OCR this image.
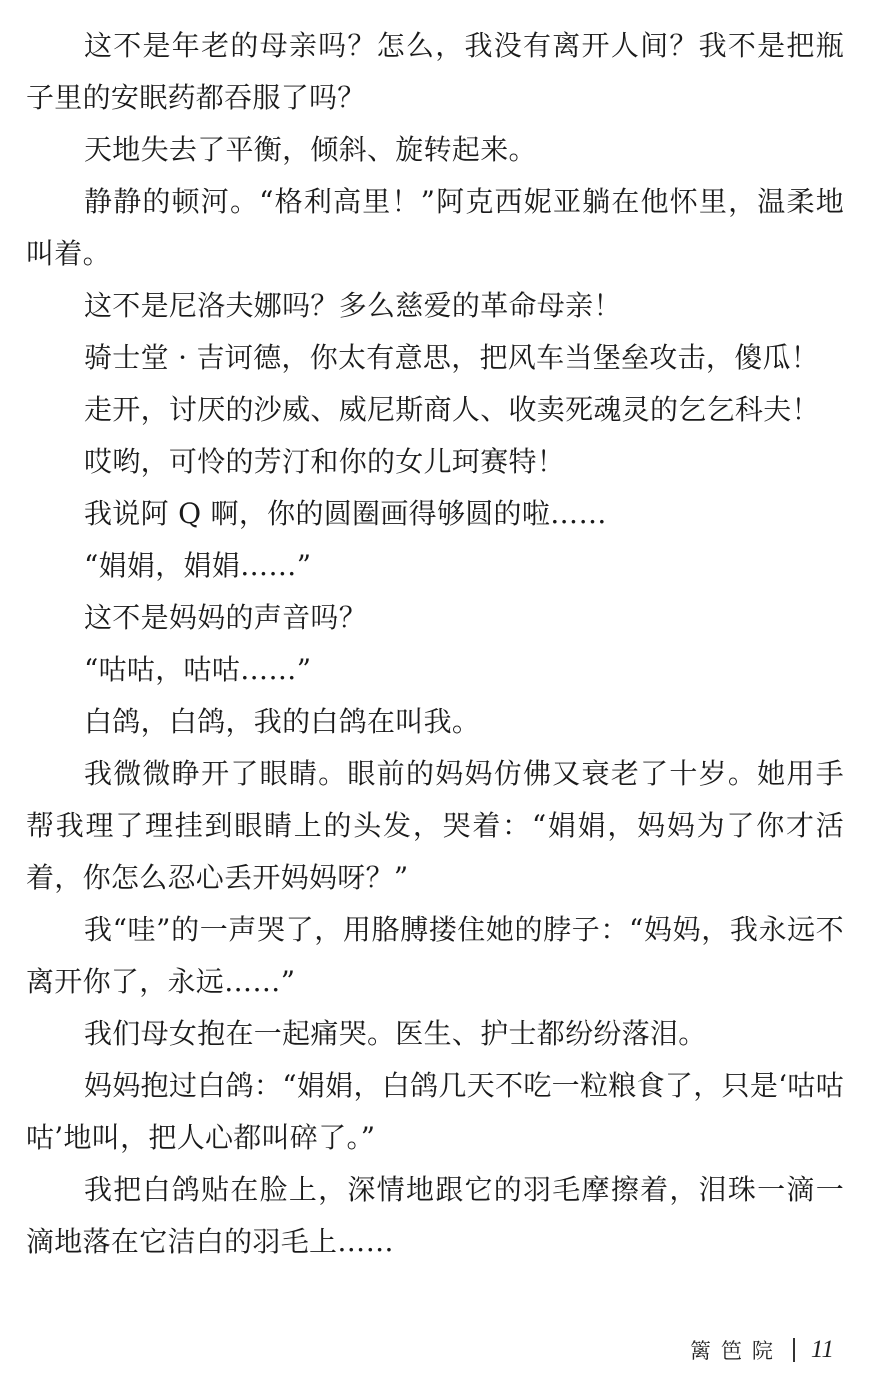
这不是年老的母亲吗？怎么，我没有离开人间？我不是把瓶子里的安眠药都吞服了吗？

天地失去了平衡，倾斜、旋转起来。

静静的顿河。“格利高里！”阿克西妮亚躺在他怀里，温柔地叫着。

这不是尼洛夫娜吗？多么慈爱的革命母亲！

骑士堂 · 吉诃德，你太有意思，把风车当堡垒攻击，傻瓜！

走开，讨厌的沙威、威尼斯商人、收卖死魂灵的乞乞科夫！

哎哟，可怜的芳汀和你的女儿珂赛特！

我说阿 Q 啊，你的圆圈画得够圆的啦……

“娟娟，娟娟……”

这不是妈妈的声音吗？

“咕咕，咕咕……”

白鸽，白鸽，我的白鸽在叫我。

我微微睁开了眼睛。眼前的妈妈仿佛又衰老了十岁。她用手帮我理了理挂到眼睛上的头发，哭着：“娟娟，妈妈为了你才活着，你怎么忍心丢开妈妈呀？”

我“哇”的一声哭了，用胳膊搂住她的脖子：“妈妈，我永远不离开你了，永远……”

我们母女抱在一起痛哭。医生、护士都纷纷落泪。

妈妈抱过白鸽：“娟娟，白鸽几天不吃一粒粮食了，只是‘咕咕咕’地叫，把人心都叫碎了。”

我把白鸽贴在脸上，深情地跟它的羽毛摩擦着，泪珠一滴一滴地落在它洁白的羽毛上……

篱笆院 11
